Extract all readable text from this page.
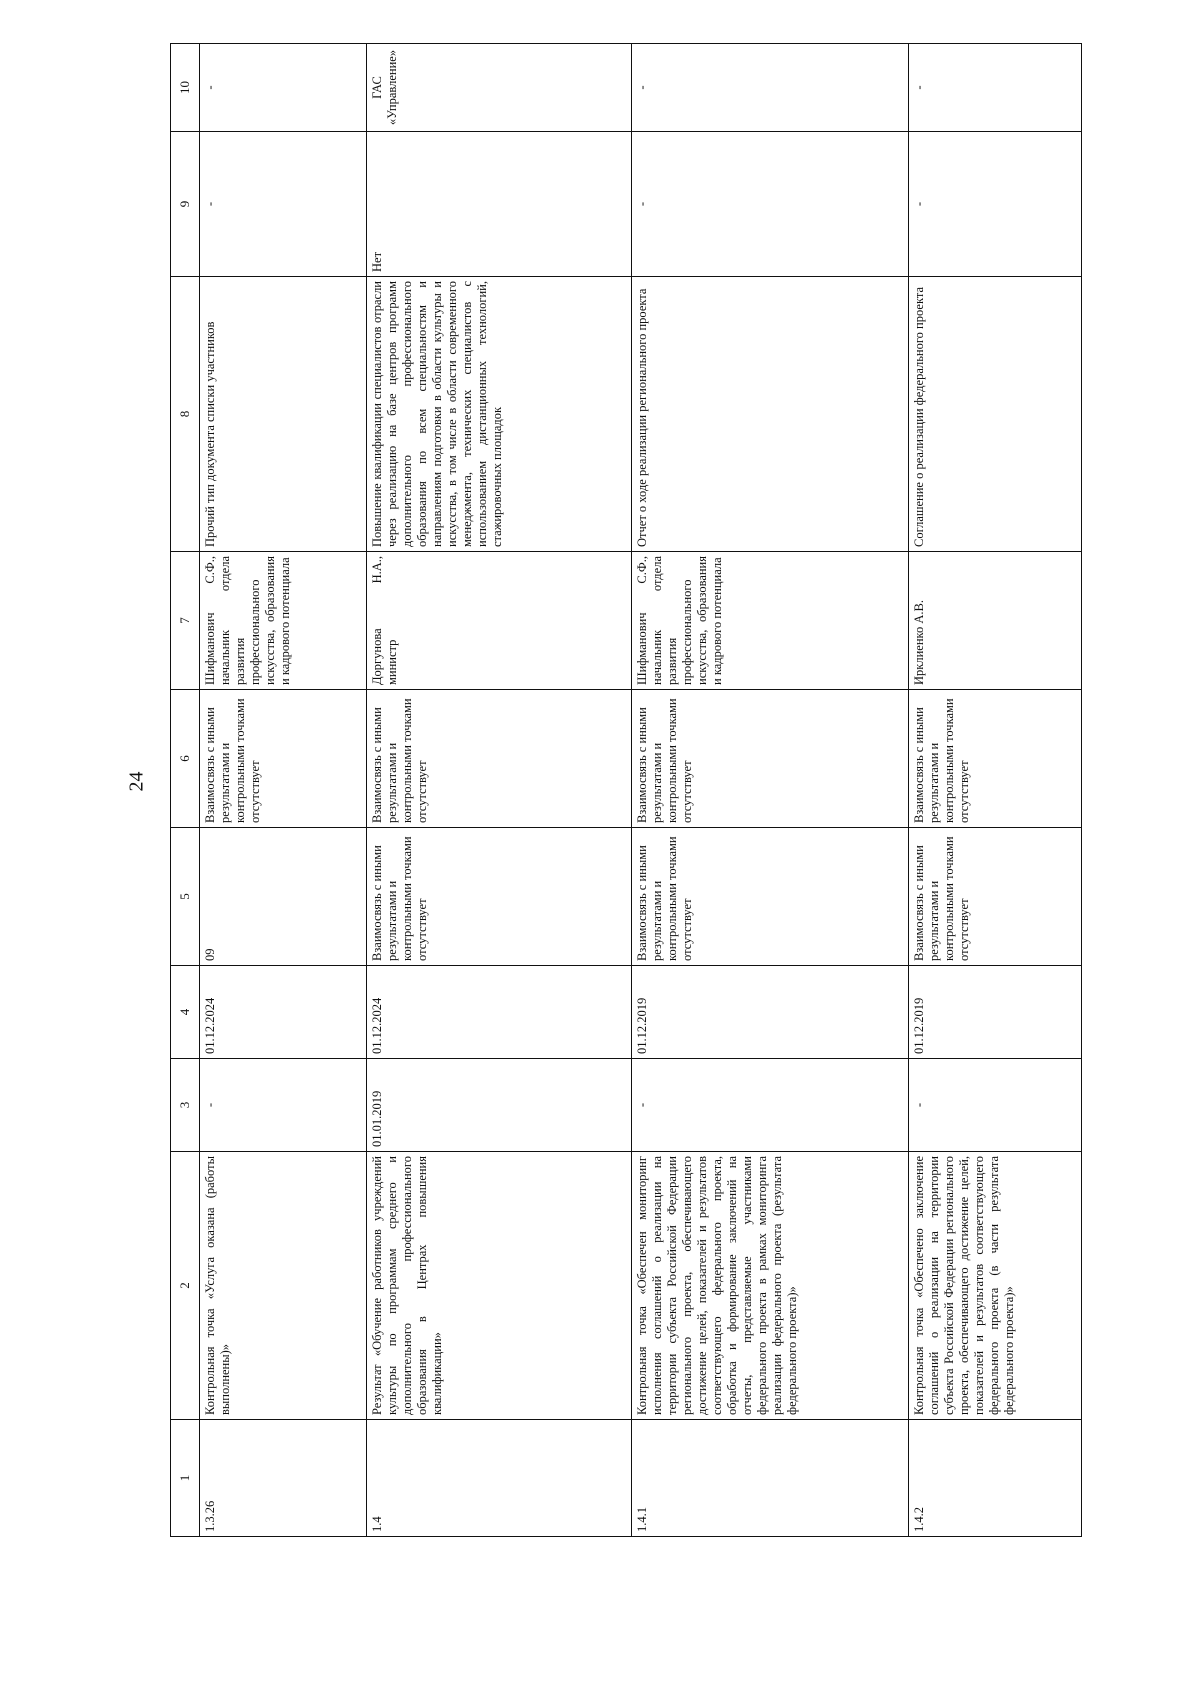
24
1	2	3	4	5	6	7	8	9	10
1.3.26	Контрольная точка «Услуга оказана (работы выполнены)»	-	01.12.2024	09	Взаимосвязь с иными результатами и контрольными точками отсутствует	Шифманович С.Ф., начальник отдела развития профессионального искусства, образования и кадрового потенциала	Прочий тип документа списки участников	-	-
1.4	Результат «Обучение работников учреждений культуры по программам среднего и дополнительного профессионального образования в Центрах повышения квалификации»	01.01.2019	01.12.2024	Взаимосвязь с иными результатами и контрольными точками отсутствует	Взаимосвязь с иными результатами и контрольными точками отсутствует	Доргунова Н.А., министр	Повышение квалификации специалистов отрасли через реализацию на базе центров программ дополнительного профессионального образования по всем специальностям и направлениям подготовки в области культуры и искусства, в том числе в области современного менеджмента, технических специалистов с использованием дистанционных технологий, стажировочных площадок	Нет	ГАС «Управление»
1.4.1	Контрольная точка «Обеспечен мониторинг исполнения соглашений о реализации на территории субъекта Российской Федерации регионального проекта, обеспечивающего достижение целей, показателей и результатов соответствующего федерального проекта, обработка и формирование заключений на отчеты, представляемые участниками федерального проекта в рамках мониторинга реализации федерального проекта (результата федерального проекта)»	-	01.12.2019	Взаимосвязь с иными результатами и контрольными точками отсутствует	Взаимосвязь с иными результатами и контрольными точками отсутствует	Шифманович С.Ф., начальник отдела развития профессионального искусства, образования и кадрового потенциала	Отчет о ходе реализации регионального проекта	-	-
1.4.2	Контрольная точка «Обеспечено заключение соглашений о реализации на территории субъекта Российской Федерации регионального проекта, обеспечивающего достижение целей, показателей и результатов соответствующего федерального проекта (в части результата федерального проекта)»	-	01.12.2019	Взаимосвязь с иными результатами и контрольными точками отсутствует	Взаимосвязь с иными результатами и контрольными точками отсутствует	Ирклиенко А.В.	Соглашение о реализации федерального проекта	-	-
